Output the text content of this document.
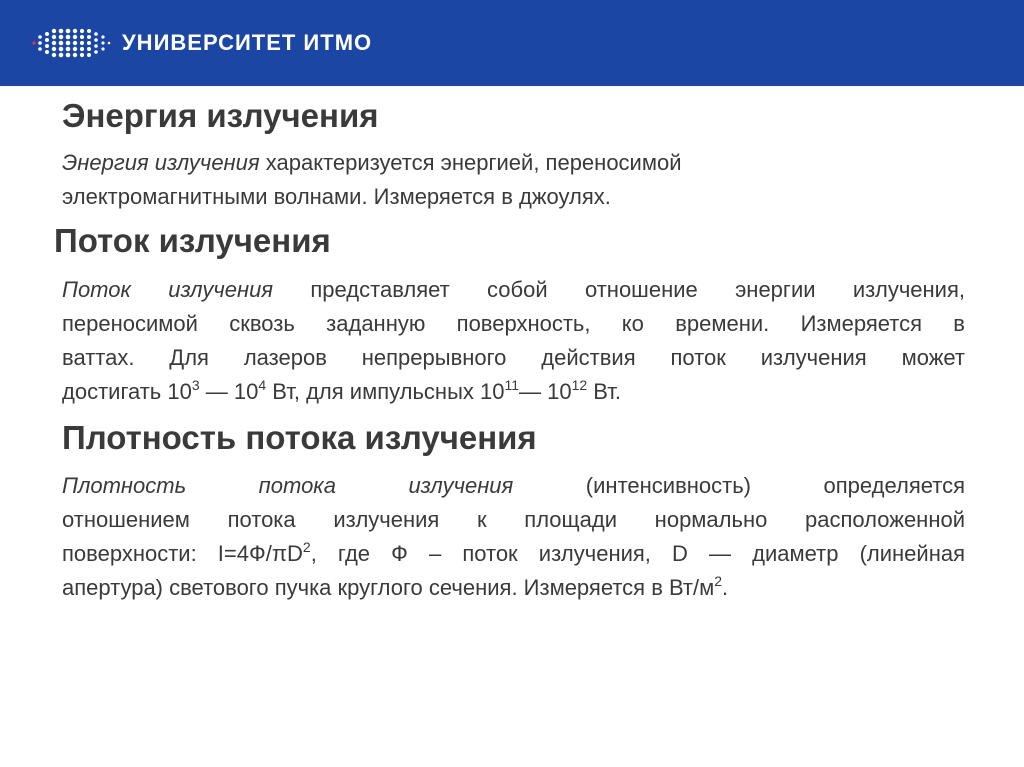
УНИВЕРСИТЕТ ИТМО
Энергия излучения
Энергия излучения характеризуется энергией, переносимой
электромагнитными волнами. Измеряется в джоулях.
Поток излучения
Поток излучения представляет собой отношение энергии излучения,
переносимой сквозь заданную поверхность, ко времени. Измеряется в
ваттах. Для лазеров непрерывного действия поток излучения может
достигать $10^3$ — $10^4$ Вт, для импульсных $10^{11}—$ $10^{12}$ Вт.
Плотность потока излучения
Плотность потока излучения (интенсивность) определяется
отношением потока излучения к площади нормально расположенной
поверхности: $I=4Ф/\pi D^2$, где Ф – поток излучения, D — диаметр (линейная
апертура) светового пучка круглого сечения. Измеряется в $Вт/м^2$.
